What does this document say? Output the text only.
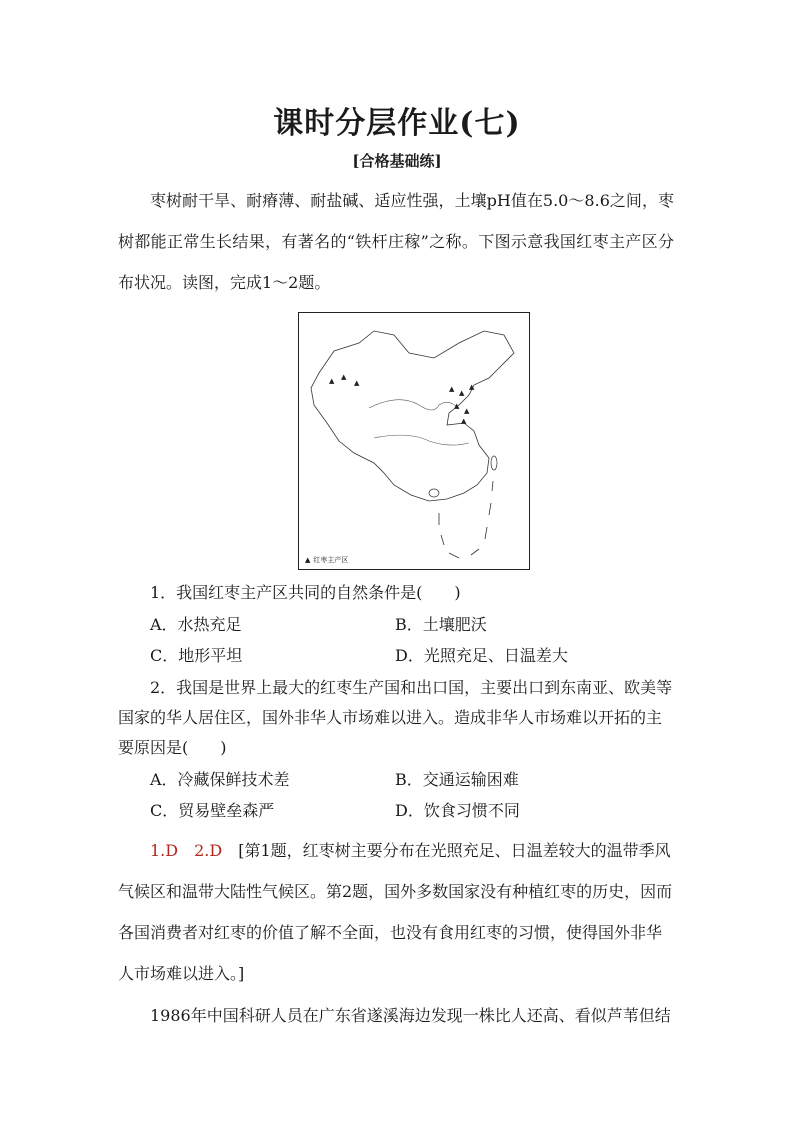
课时分层作业(七)
[合格基础练]

枣树耐干旱、耐瘠薄、耐盐碱、适应性强，土壤pH值在5.0～8.6之间，枣树都能正常生长结果，有著名的“铁杆庄稼”之称。下图示意我国红枣主产区分布状况。读图，完成1～2题。

▲ ▲
▲
▲ ▲
▲
▲
▲
▲
▲ 红枣主产区

1．我国红枣主产区共同的自然条件是(　　)

A．水热充足	B．土壤肥沃
C．地形平坦	D．光照充足、日温差大

2．我国是世界上最大的红枣生产国和出口国，主要出口到东南亚、欧美等国家的华人居住区，国外非华人市场难以进入。造成非华人市场难以开拓的主要原因是(　　)

A．冷藏保鲜技术差	B．交通运输困难
C．贸易壁垒森严	D．饮食习惯不同

1.D　2.D　 [第1题，红枣树主要分布在光照充足、日温差较大的温带季风气候区和温带大陆性气候区。第2题，国外多数国家没有种植红枣的历史，因而各国消费者对红枣的价值了解不全面，也没有食用红枣的习惯，使得国外非华人市场难以进入。]

1986年中国科研人员在广东省遂溪海边发现一株比人还高、看似芦苇但结
